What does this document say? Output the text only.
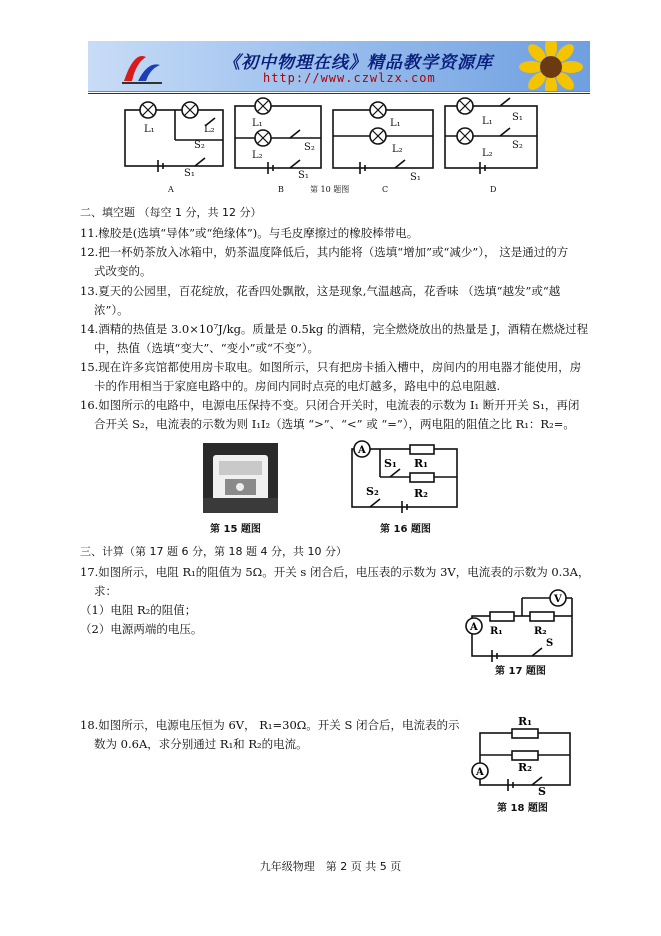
《初中物理在线》精品教学资源库
http://www.czwlzx.com
L₁	L₂
S₂
S₁
L₁
L₂
S₂
S₁
L₁
L₂
S₁
L₁
L₂
S₁
S₂
A	B	C	D
第 10 题图
二、填空题 （每空 1 分，共 12 分）
11.橡胶是(选填“导体”或“绝缘体”)。与毛皮摩擦过的橡胶棒带电。
12.把一杯奶茶放入冰箱中，奶茶温度降低后，其内能将（选填“增加”或“减少”）， 这是通过的方
式改变的。
13.夏天的公园里，百花绽放，花香四处飘散，这是现象,气温越高，花香味 （选填“越发”或“越
浓”）。
14.酒精的热值是 3.0×10⁷J/kg。质量是 0.5kg 的酒精，完全燃烧放出的热量是 J，酒精在燃烧过程
中，热值（选填“变大”、“变小”或“不变”）。
15.现在许多宾馆都使用房卡取电。如图所示，只有把房卡插入槽中，房间内的用电器才能使用，房
卡的作用相当于家庭电路中的。房间内同时点亮的电灯越多，路电中的总电阻越.
16.如图所示的电路中，电源电压保持不变。只闭合开关时，电流表的示数为 I₁ 断开开关 S₁，再闭
合开关 S₂，电流表的示数为则 I₁I₂（选填 “>”、“<” 或 “=”），两电阻的阻值之比 R₁：R₂=。
第 15 题图
A
R₁
R₂
S₁
S₂
第 16 题图
三、计算（第 17 题 6 分，第 18 题 4 分，共 10 分）
17.如图所示，电阻 R₁的阻值为 5Ω。开关 s 闭合后，电压表的示数为 3V，电流表的示数为 0.3A，
求：
（1）电阻 R₂的阻值；
（2）电源两端的电压。	A
V
R₁	R₂
S
第 17 题图
18.如图所示，电源电压恒为 6V， R₁=30Ω。开关 S 闭合后，电流表的示
数为 0.6A，求分别通过 R₁和 R₂的电流。
A
R₁
R₂
S
第 18 题图
九年级物理　第 2 页 共 5 页
